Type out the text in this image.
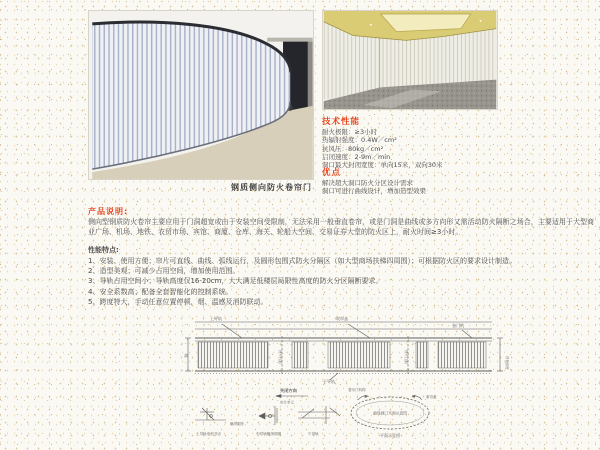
钢质侧向防火卷帘门
技术性能
耐火极限：≥3小时
热辐射强度：0.4W／cm²
抗风压：80kg／cm²
启闭速度：2-9m／min
洞口最大封闭宽度：单向15米，双向30米
优点
解决超大洞口防火分区设计需求
洞口可进行曲线设计，增加造型效果
产品说明:
侧向型钢质防火卷帘主要应用于门洞超宽或由于安装空间受限制，无法采用一般垂直卷帘，或是门洞是曲线或多方向形又需活动防火隔断之场合，主要适用于大型商业广场、机场、地铁、农贸市场、宾馆、商厦、仓库、海关、轮船大空间、交易证券大堂的防火区上，耐火时间≥3小时。
性能特点:
1、安装、使用方便；帘片可直线、曲线、弧线运行，及圆形包围式防火分隔区（如大型商场扶梯四周围）；可根据防火区的要求设计制造。
2、造型美观；可减少占用空间，增加使用范围。
3、导轨占用空间小；导轨高度仅16-20cm，大大满足低楼层局限性高度的防火分区隔断要求。
4、安全系数高；配备全套智能化的控制系统。
5、跨度特大，手动任意位置停顿，烟、温感及消防联动。
上导轨	收帘盒
卷门机
高
帘板高度
下导轨
帘片门洞	帘片门洞
关闭方向
帘片单元
卷帘门机构
上导轨电机节点
横剖面图
中导轨横剖面图	下导轨
曲线洞口平面示意图
收帘盒
平面示意图
